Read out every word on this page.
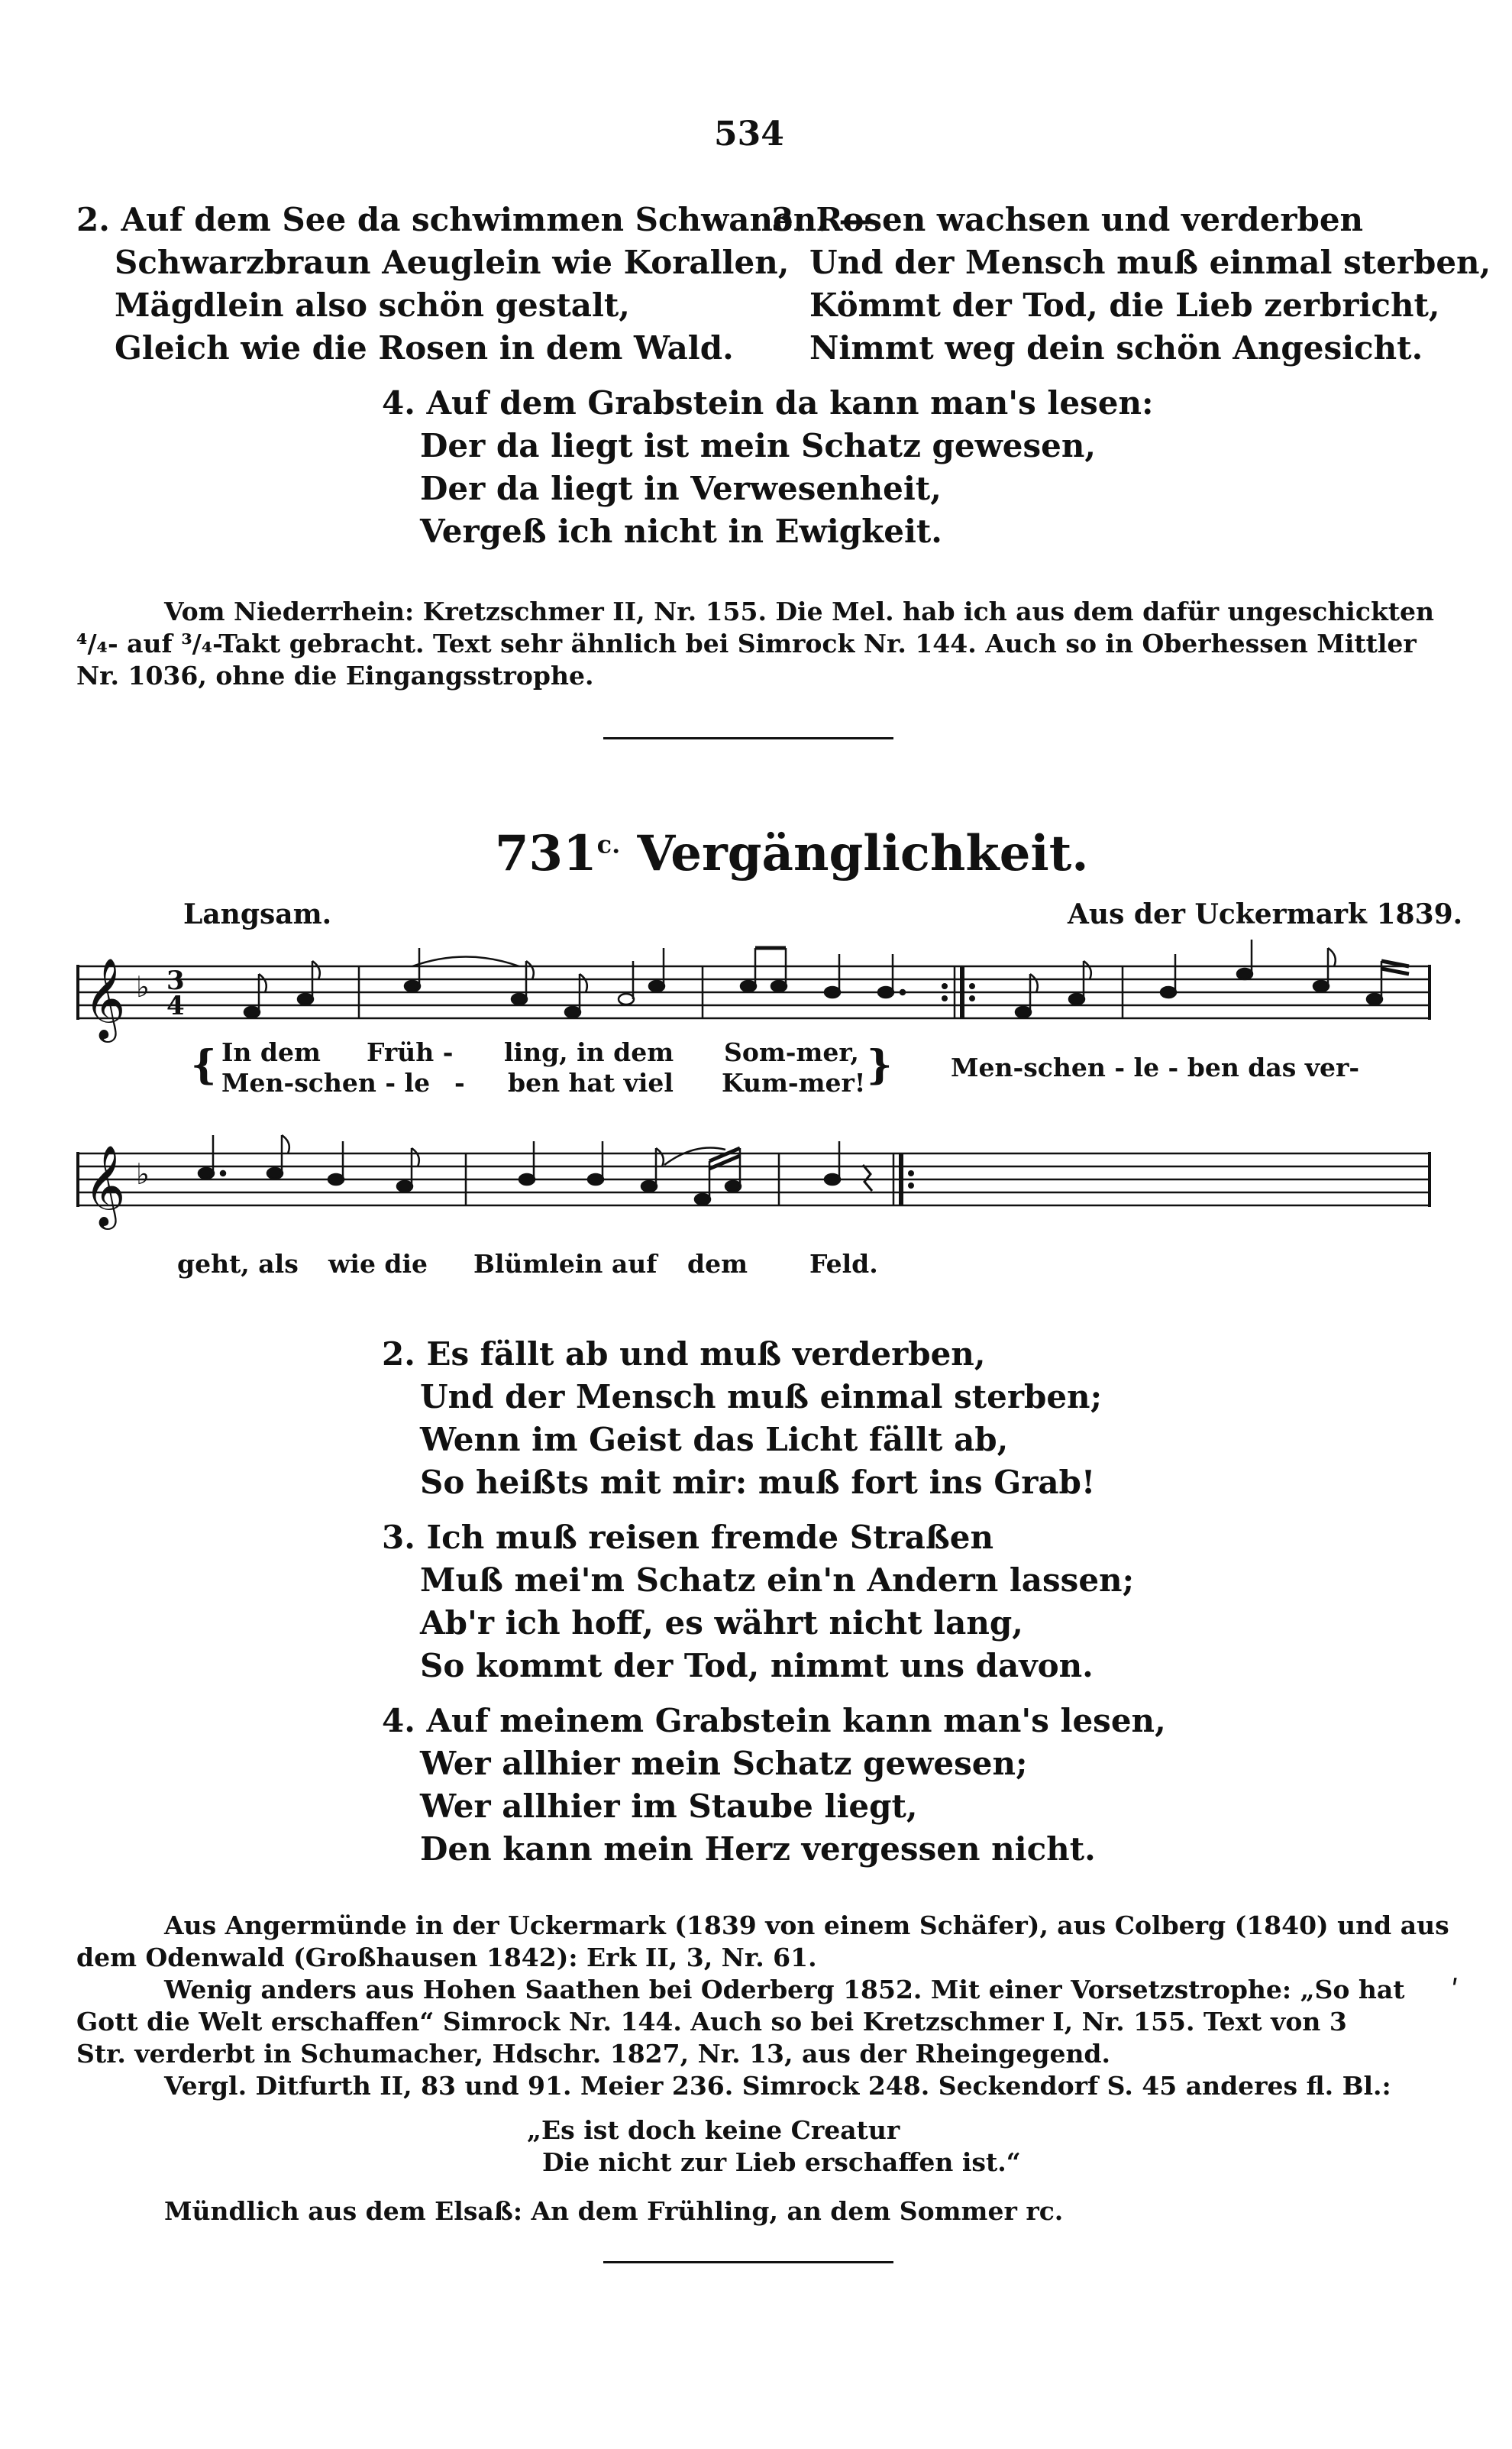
534
2. Auf dem See da schwimmen Schwanen. —
Schwarzbraun Aeuglein wie Korallen,
Mägdlein also schön gestalt,
Gleich wie die Rosen in dem Wald.
3. Rosen wachsen und verderben
Und der Mensch muß einmal sterben,
Kömmt der Tod, die Lieb zerbricht,
Nimmt weg dein schön Angesicht.
4. Auf dem Grabstein da kann man's lesen:
Der da liegt ist mein Schatz gewesen,
Der da liegt in Verwesenheit,
Vergeß ich nicht in Ewigkeit.
Vom Niederrhein: Kretzschmer II, Nr. 155. Die Mel. hab ich aus dem dafür ungeschickten
⁴/₄- auf ³/₄-Takt gebracht. Text sehr ähnlich bei Simrock Nr. 144. Auch so in Oberhessen Mittler
Nr. 1036, ohne die Eingangsstrophe.
$731^{c.}$ Vergänglichkeit.
Langsam.	Aus der Uckermark 1839.
𝄞 ♭ 3
4
{	}
In dem Früh - ling, in dem Som-mer,
Men-schen - le - ben hat viel Kum-mer!
Men-schen - le - ben das ver-
𝄞 ♭
geht, als wie die Blümlein auf dem Feld.
2. Es fällt ab und muß verderben,
Und der Mensch muß einmal sterben;
Wenn im Geist das Licht fällt ab,
So heißts mit mir: muß fort ins Grab!
3. Ich muß reisen fremde Straßen
Muß mei'm Schatz ein'n Andern lassen;
Ab'r ich hoff, es währt nicht lang,
So kommt der Tod, nimmt uns davon.
4. Auf meinem Grabstein kann man's lesen,
Wer allhier mein Schatz gewesen;
Wer allhier im Staube liegt,
Den kann mein Herz vergessen nicht.
Aus Angermünde in der Uckermark (1839 von einem Schäfer), aus Colberg (1840) und aus
dem Odenwald (Großhausen 1842): Erk II, 3, Nr. 61.
Wenig anders aus Hohen Saathen bei Oderberg 1852. Mit einer Vorsetzstrophe: „So hat
Gott die Welt erschaffen“ Simrock Nr. 144. Auch so bei Kretzschmer I, Nr. 155. Text von 3
Str. verderbt in Schumacher, Hdschr. 1827, Nr. 13, aus der Rheingegend.
Vergl. Ditfurth II, 83 und 91. Meier 236. Simrock 248. Seckendorf S. 45 anderes fl. Bl.:
„Es ist doch keine Creatur
Die nicht zur Lieb erschaffen ist.“
Mündlich aus dem Elsaß: An dem Frühling, an dem Sommer rc.
ʹ
